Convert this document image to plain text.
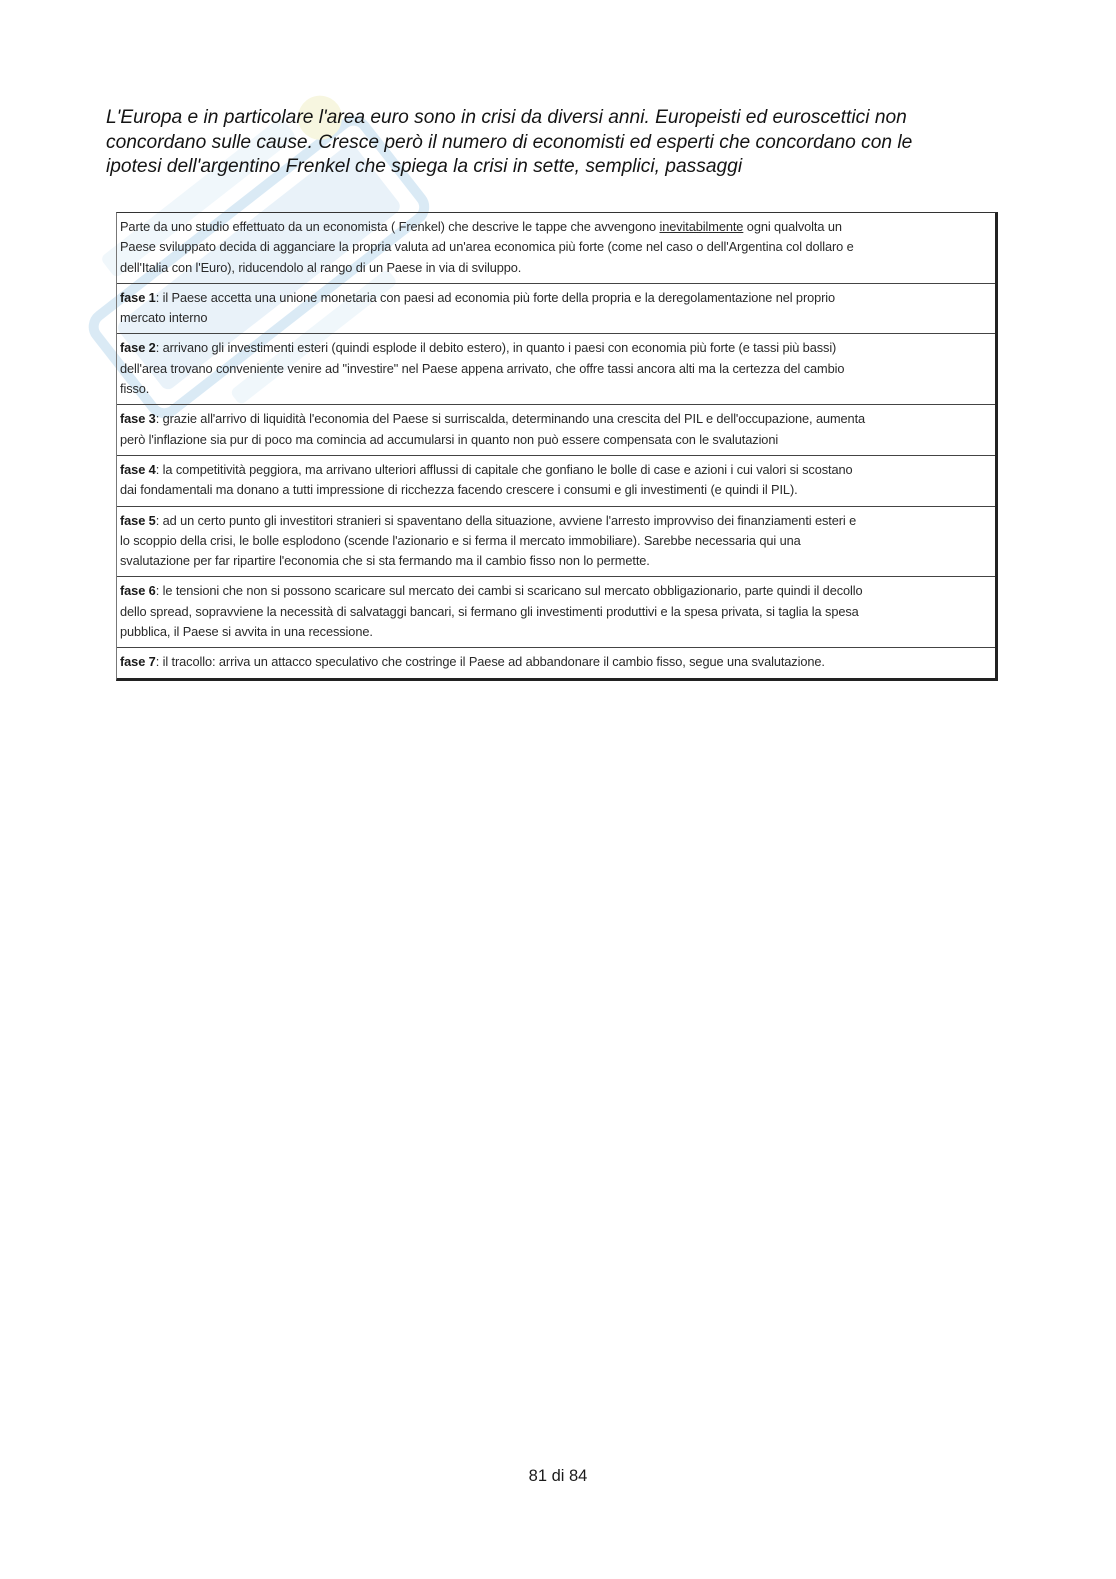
L'Europa e in particolare l'area euro sono in crisi da diversi anni. Europeisti ed euroscettici non
concordano sulle cause. Cresce però il numero di economisti ed esperti che concordano con le
ipotesi dell'argentino Frenkel che spiega la crisi in sette, semplici, passaggi
Parte da uno studio effettuato da un economista ( Frenkel) che descrive le tappe che avvengono inevitabilmente ogni qualvolta un
Paese sviluppato decida di agganciare la propria valuta ad un'area economica più forte (come nel caso o dell'Argentina col dollaro e
dell'Italia con l'Euro), riducendolo al rango di un Paese in via di sviluppo.
fase 1: il Paese accetta una unione monetaria con paesi ad economia più forte della propria e la deregolamentazione nel proprio
mercato interno
fase 2: arrivano gli investimenti esteri (quindi esplode il debito estero), in quanto i paesi con economia più forte (e tassi più bassi)
dell'area trovano conveniente venire ad "investire" nel Paese appena arrivato, che offre tassi ancora alti ma la certezza del cambio
fisso.
fase 3: grazie all'arrivo di liquidità l'economia del Paese si surriscalda, determinando una crescita del PIL e dell'occupazione, aumenta
però l'inflazione sia pur di poco ma comincia ad accumularsi in quanto non può essere compensata con le svalutazioni
fase 4: la competitività peggiora, ma arrivano ulteriori afflussi di capitale che gonfiano le bolle di case e azioni i cui valori si scostano
dai fondamentali ma donano a tutti impressione di ricchezza facendo crescere i consumi e gli investimenti (e quindi il PIL).
fase 5: ad un certo punto gli investitori stranieri si spaventano della situazione, avviene l'arresto improvviso dei finanziamenti esteri e
lo scoppio della crisi, le bolle esplodono (scende l'azionario e si ferma il mercato immobiliare). Sarebbe necessaria qui una
svalutazione per far ripartire l'economia che si sta fermando ma il cambio fisso non lo permette.
fase 6: le tensioni che non si possono scaricare sul mercato dei cambi si scaricano sul mercato obbligazionario, parte quindi il decollo
dello spread, sopravviene la necessità di salvataggi bancari, si fermano gli investimenti produttivi e la spesa privata, si taglia la spesa
pubblica, il Paese si avvita in una recessione.
fase 7: il tracollo: arriva un attacco speculativo che costringe il Paese ad abbandonare il cambio fisso, segue una svalutazione.
81 di 84
